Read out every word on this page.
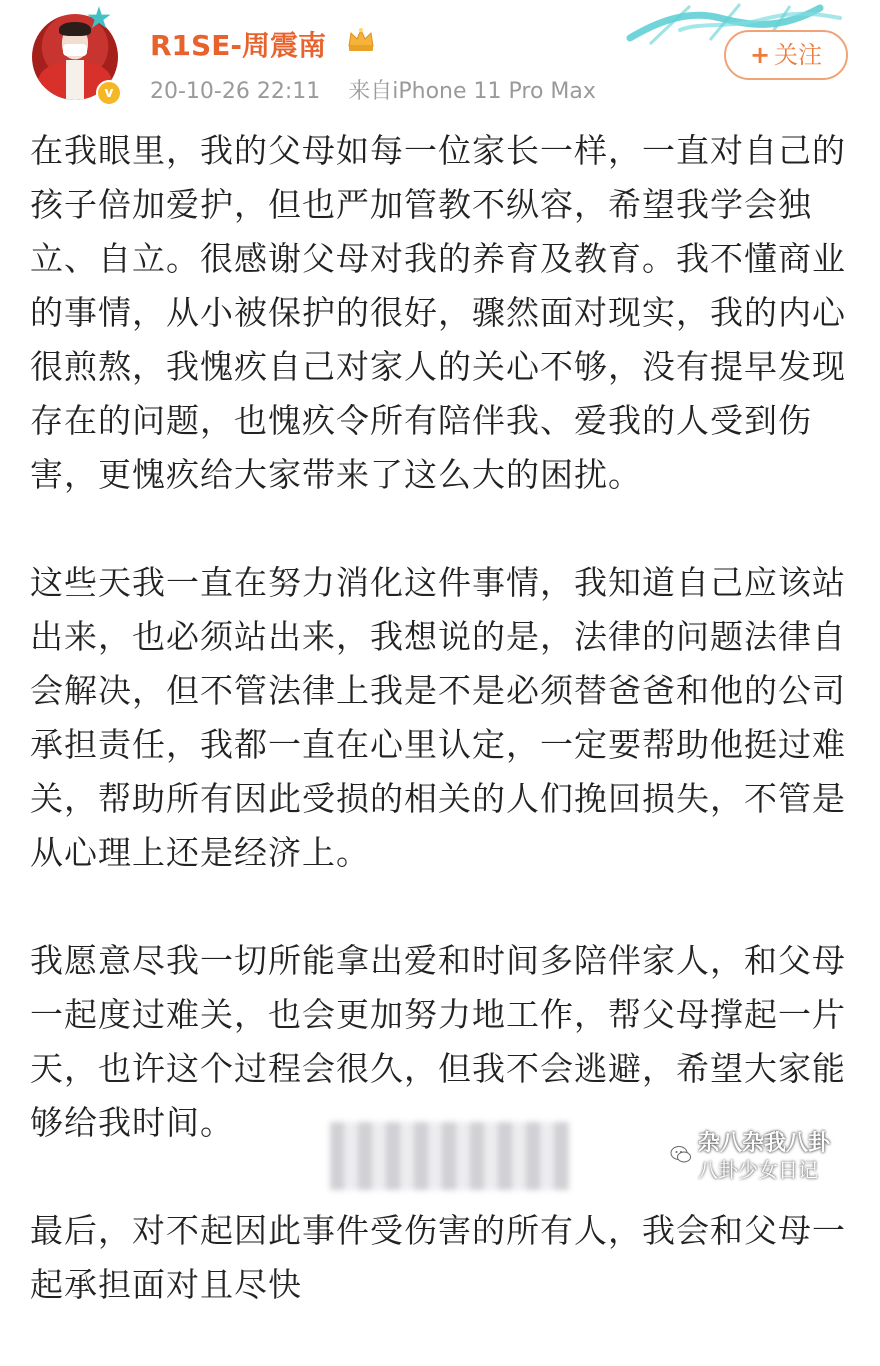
★
v
R1SE-周震南
20-10-26 22:11 来自iPhone 11 Pro Max
+ 关注

在我眼里，我的父母如每一位家长一样，一直对自己的孩子倍加爱护，但也严加管教不纵容，希望我学会独立、自立。很感谢父母对我的养育及教育。我不懂商业的事情，从小被保护的很好，骤然面对现实，我的内心很煎熬，我愧疚自己对家人的关心不够，没有提早发现存在的问题，也愧疚令所有陪伴我、爱我的人受到伤害，更愧疚给大家带来了这么大的困扰。

这些天我一直在努力消化这件事情，我知道自己应该站出来，也必须站出来，我想说的是，法律的问题法律自会解决，但不管法律上我是不是必须替爸爸和他的公司承担责任，我都一直在心里认定，一定要帮助他挺过难关，帮助所有因此受损的相关的人们挽回损失，不管是从心理上还是经济上。

我愿意尽我一切所能拿出爱和时间多陪伴家人，和父母一起度过难关，也会更加努力地工作，帮父母撑起一片天，也许这个过程会很久，但我不会逃避，希望大家能够给我时间。

最后，对不起因此事件受伤害的所有人，我会和父母一起承担面对且尽快

杂八杂我八卦
八卦少女日记
